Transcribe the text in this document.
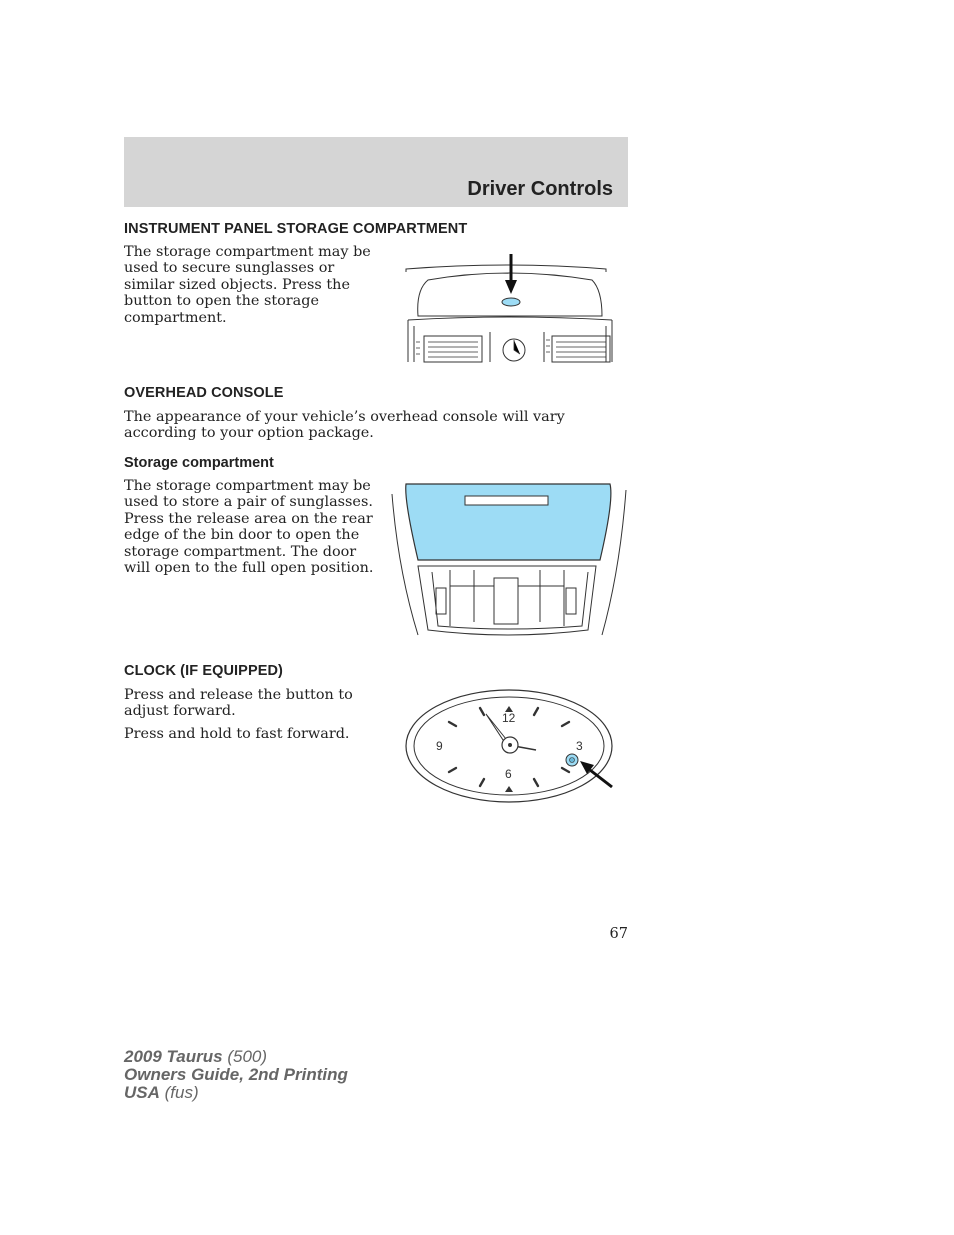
Driver Controls
INSTRUMENT PANEL STORAGE COMPARTMENT

The storage compartment may be used to secure sunglasses or similar sized objects. Press the button to open the storage compartment.

OVERHEAD CONSOLE

The appearance of your vehicle’s overhead console will vary according to your option package.

Storage compartment

The storage compartment may be used to store a pair of sunglasses. Press the release area on the rear edge of the bin door to open the storage compartment. The door will open to the full open position.

CLOCK (IF EQUIPPED)

Press and release the button to adjust forward.

Press and hold to fast forward.

12
3
6
9
67
2009 Taurus (500)
Owners Guide, 2nd Printing
USA (fus)
